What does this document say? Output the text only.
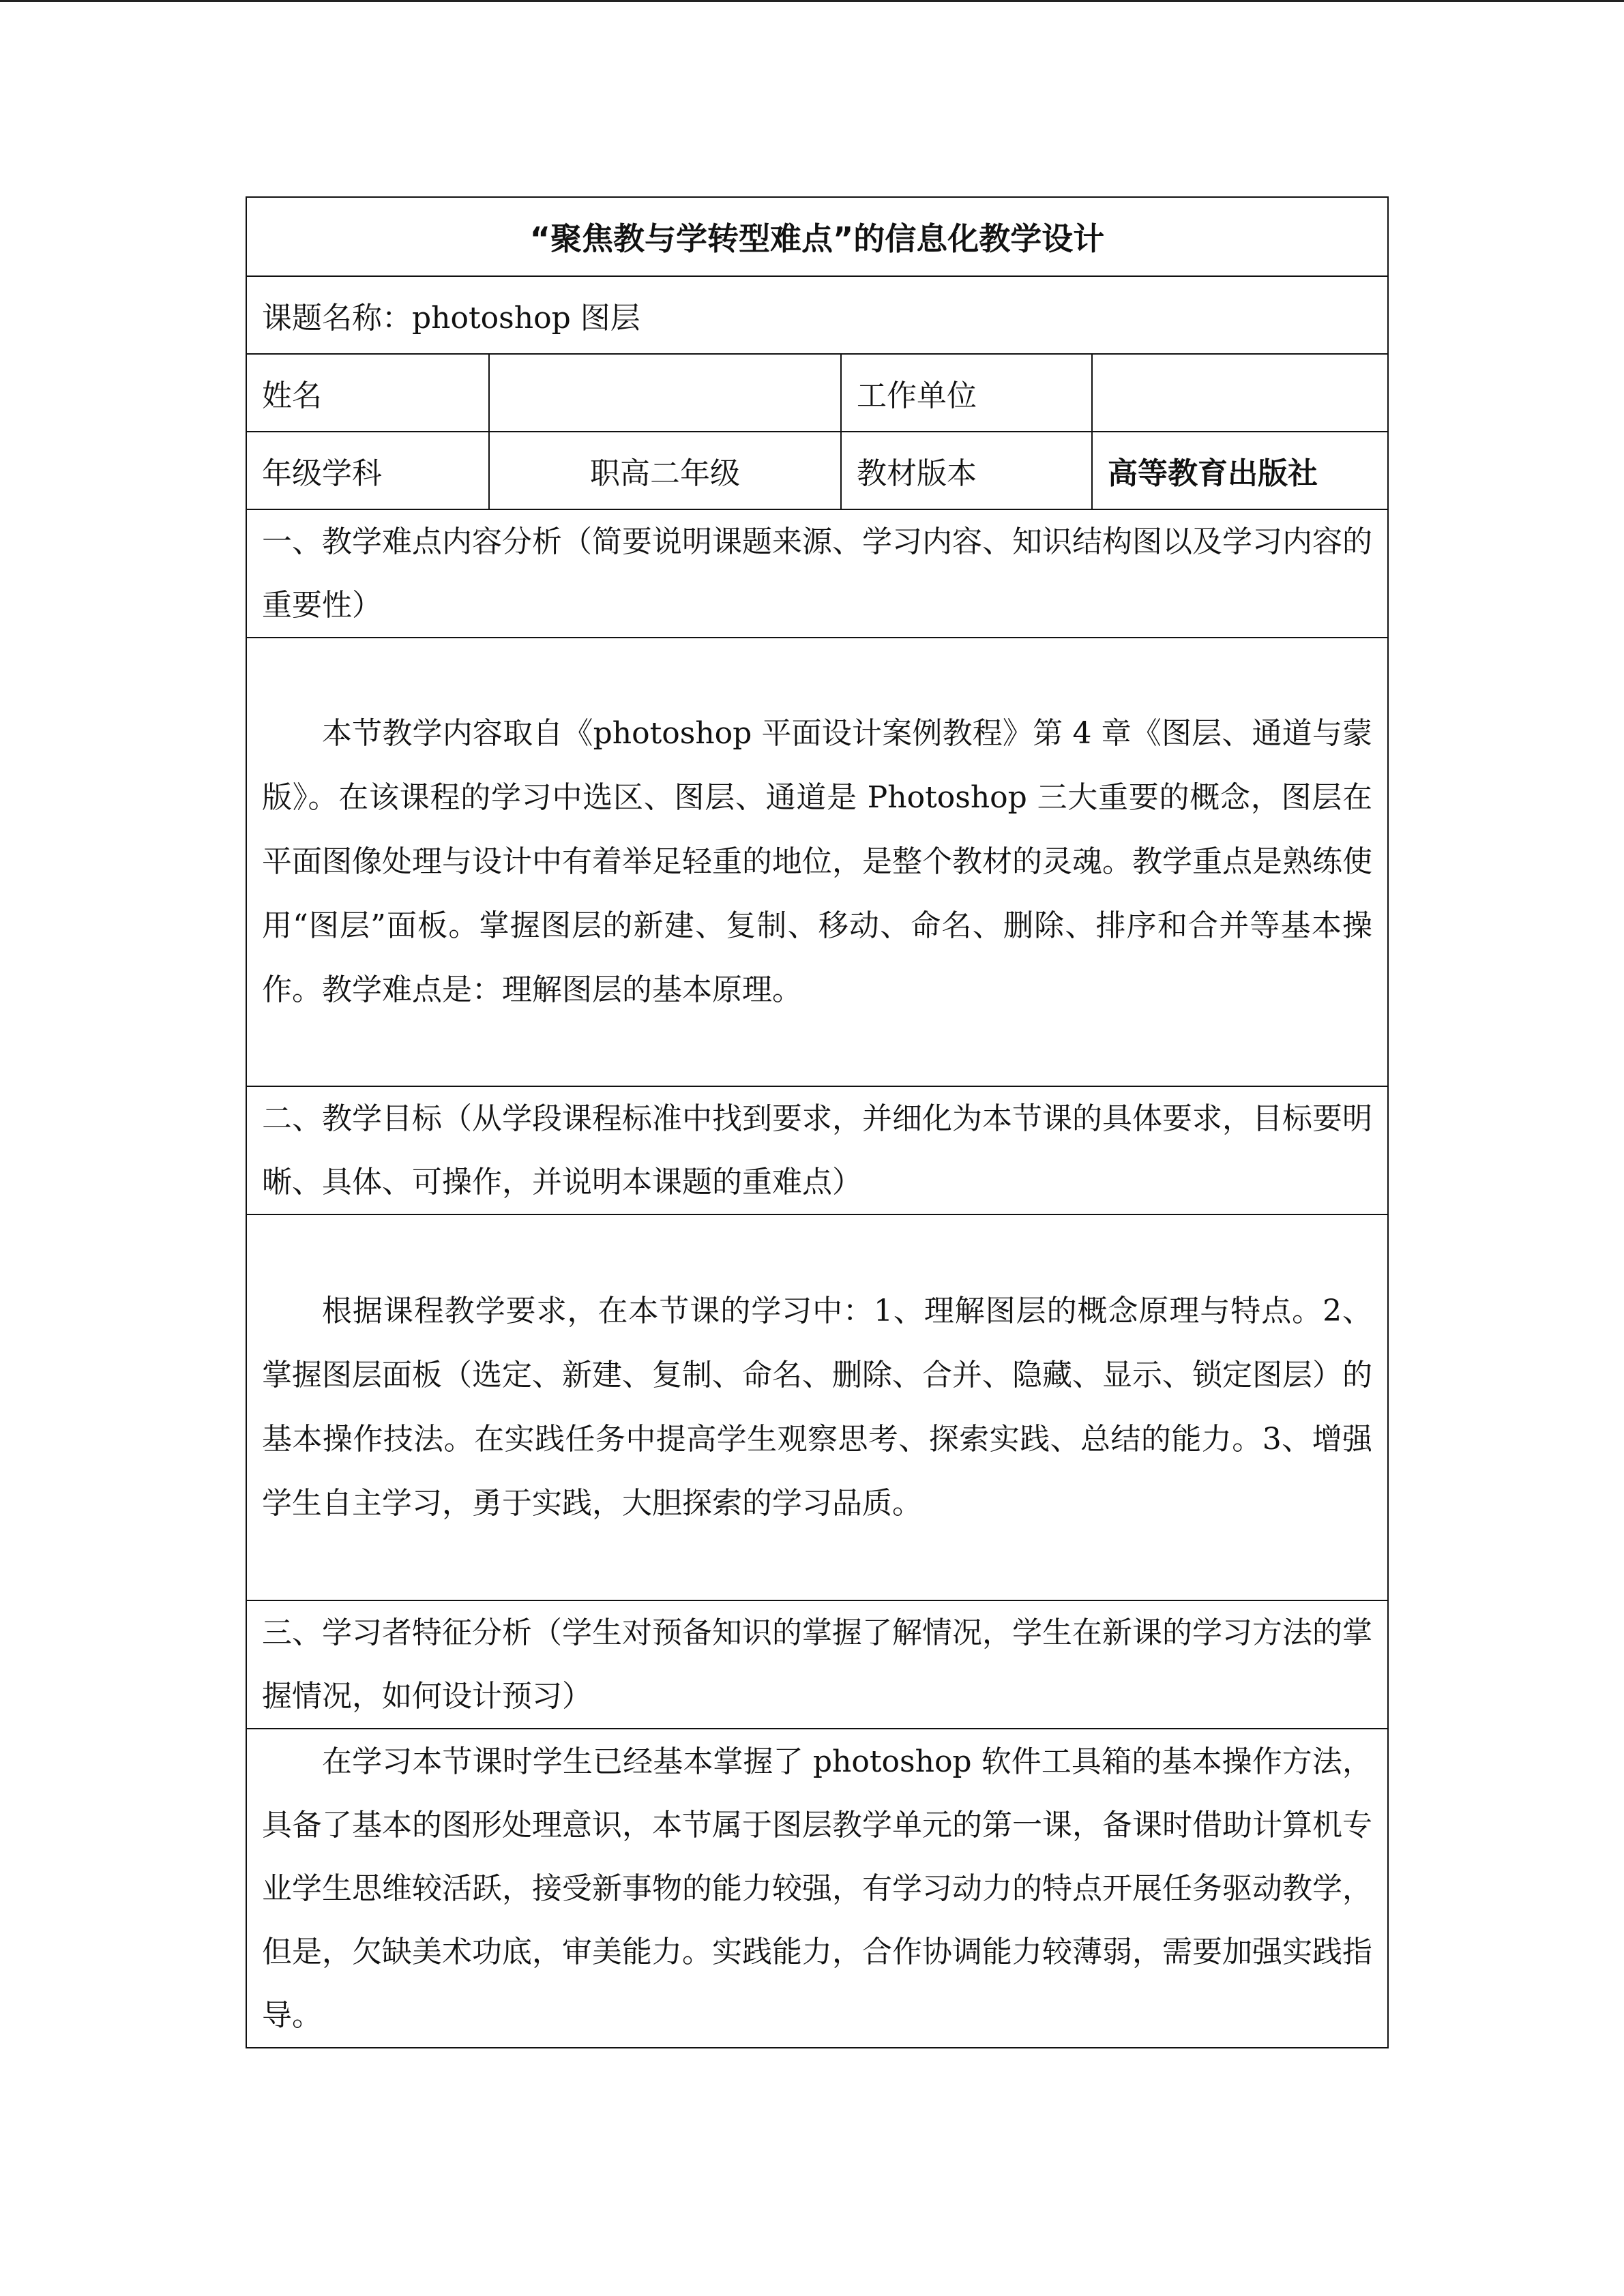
“聚焦教与学转型难点”的信息化教学设计			
课题名称：photoshop 图层			
姓名		工作单位	
年级学科	职高二年级	教材版本	高等教育出版社
一、教学难点内容分析（简要说明课题来源、学习内容、知识结构图以及学习内容的重要性）			

本节教学内容取自《photoshop 平面设计案例教程》第 4 章《图层、通道与蒙版》。在该课程的学习中选区、图层、通道是 Photoshop 三大重要的概念，图层在平面图像处理与设计中有着举足轻重的地位，是整个教材的灵魂。教学重点是熟练使用“图层”面板。掌握图层的新建、复制、移动、命名、删除、排序和合并等基本操作。教学难点是：理解图层的基本原理。			

二、教学目标（从学段课程标准中找到要求，并细化为本节课的具体要求，目标要明晰、具体、可操作，并说明本课题的重难点）			

根据课程教学要求，在本节课的学习中：1、理解图层的概念原理与特点。2、掌握图层面板（选定、新建、复制、命名、删除、合并、隐藏、显示、锁定图层）的基本操作技法。在实践任务中提高学生观察思考、探索实践、总结的能力。3、增强学生自主学习，勇于实践，大胆探索的学习品质。			

三、学习者特征分析（学生对预备知识的掌握了解情况，学生在新课的学习方法的掌握情况，如何设计预习）			

在学习本节课时学生已经基本掌握了 photoshop 软件工具箱的基本操作方法，具备了基本的图形处理意识，本节属于图层教学单元的第一课，备课时借助计算机专业学生思维较活跃，接受新事物的能力较强，有学习动力的特点开展任务驱动教学，但是，欠缺美术功底，审美能力。实践能力，合作协调能力较薄弱，需要加强实践指导。			
